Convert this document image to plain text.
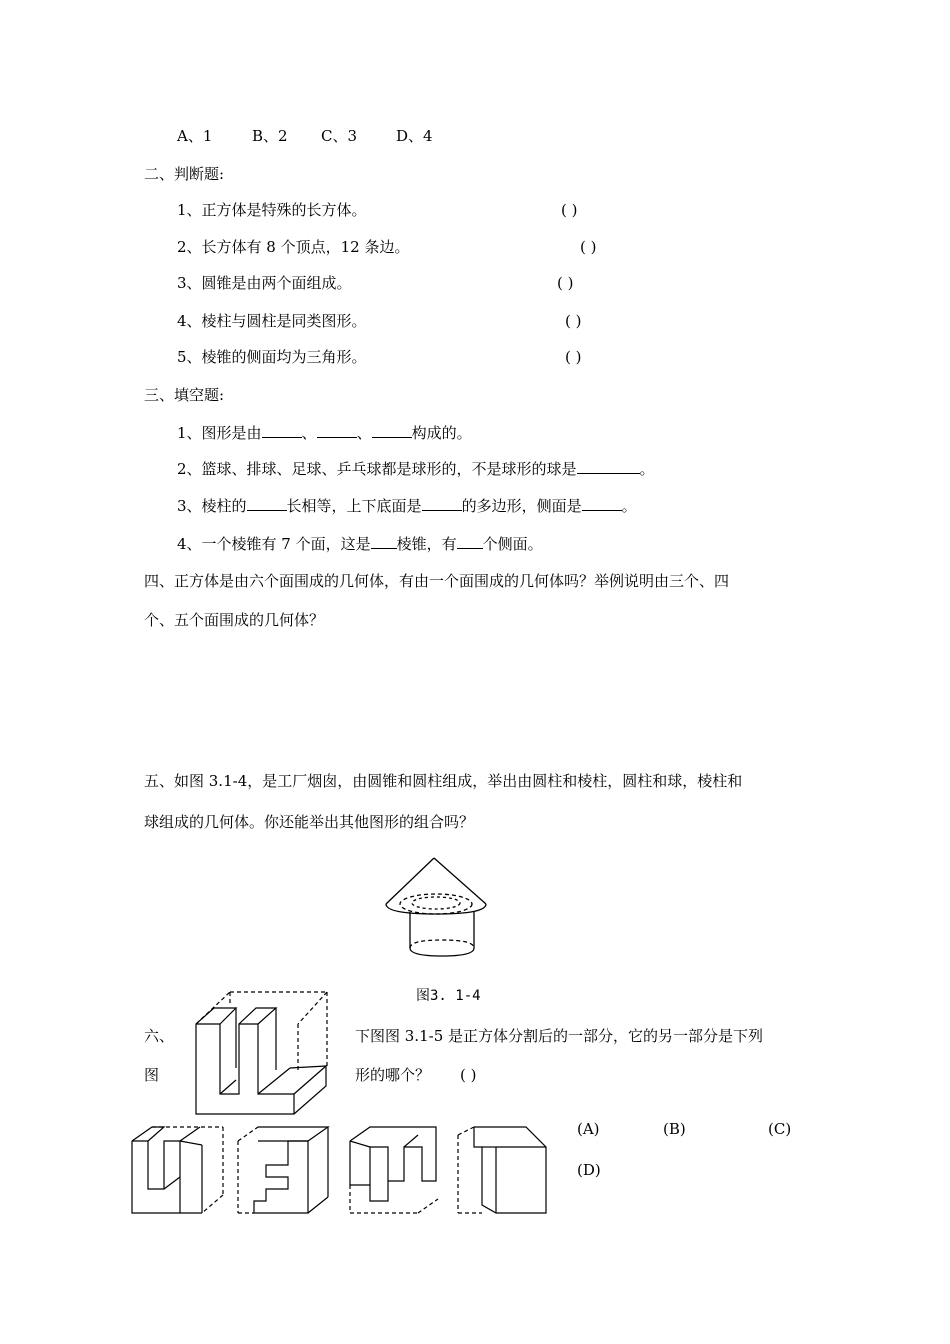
A、1	B、2 C、3	D、4
二、判断题:
1、正方体是特殊的长方体。	( )
2、长方体有 8 个顶点，12 条边。	( )
3、圆锥是由两个面组成。	( )
4、棱柱与圆柱是同类图形。	( )
5、棱锥的侧面均为三角形。	( )
三、填空题:
1、图形是由	、	、	构成的。
2、篮球、排球、足球、乒乓球都是球形的，不是球形的球是	。
3、棱柱的	长相等，上下底面是	的多边形，侧面是	。
4、一个棱锥有 7 个面，这是 棱锥，有 个侧面。
四、正方体是由六个面围成的几何体，有由一个面围成的几何体吗？举例说明由三个、四
个、五个面围成的几何体？
五、如图 3.1-4，是工厂烟囱，由圆锥和圆柱组成，举出由圆柱和棱柱，圆柱和球，棱柱和
球组成的几何体。你还能举出其他图形的组合吗？
图3. 1-4
六、
图
下图图 3.1-5 是正方体分割后的一部分，它的另一部分是下列
形的哪个？ ( )
(A)	(B)	(C)
(D)
